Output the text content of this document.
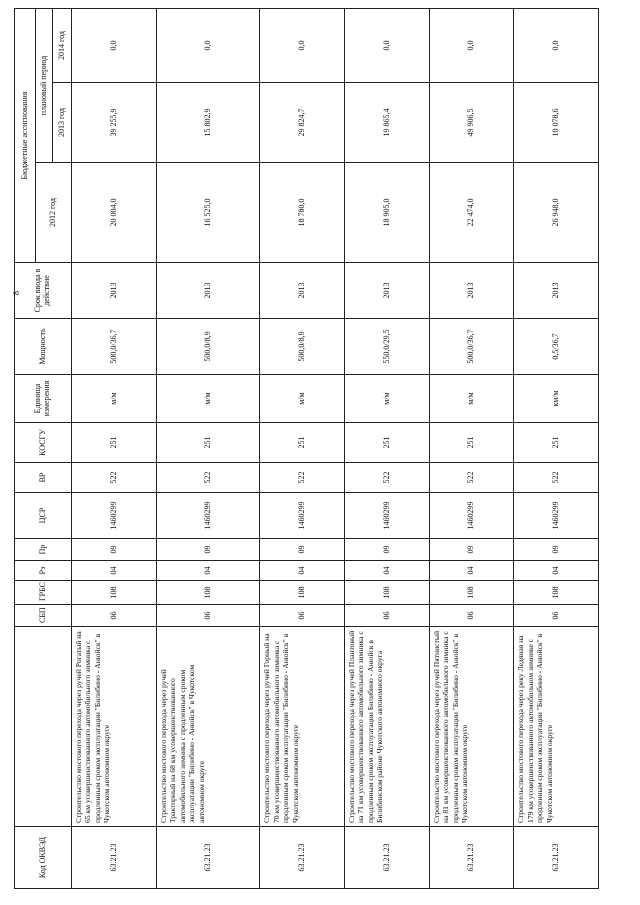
Код ОКВЭД		СБП	ГРБС	Рз	Пр	ЦСР	ВР	КОСГУ	Единица измерения	Мощность	Срок ввода в действие	Бюджетные ассигнования		
												2012 год	плановый период	
													2013 год	2014 год
63.21.23	Строительство мостового перехода через ручей Рогатый на 65 км усовершенствованного автомобильного зимника с продленным сроком эксплуатации "Билибино - Анюйск" в Чукотском автономном округе	06	108	04	09	1460299	522	251	м/м	500,0/36,7	2013	20 004,0	39 255,9	0,0
63.21.23	Строительство мостового перехода через ручей Тракторный на 68 км усовершенствованного автомобильного зимника с продленным сроком эксплуатации "Билибино - Анюйск" в Чукотском автономном округе	06	108	04	09	1460299	522	251	м/м	500,0/8,9	2013	16 525,0	15 802,9	0,0
63.21.23	Строительство мостового перехода через ручей Горный на 70 км усовершенствованного автомобильного зимника с продленным сроком эксплуатации "Билибино - Анюйск" в Чукотском автономном округе	06	108	04	09	1460299	522	251	м/м	500,0/8,9	2013	18 780,0	29 824,7	0,0
63.21.23	Строительство мостового перехода через ручей Плантовый на 71 км усовершенствованного автомобильного зимника с продленным сроком эксплуатации Билибино - Анюйск в Билибинском районе Чукотского автономного округа	06	108	04	09	1460299	522	251	м/м	550,0/29,5	2013	18 905,0	19 865,4	0,0
63.21.23	Строительство мостового перехода через ручей Пятнистый на 81 км усовершенствованного автомобильного зимника с продленным сроком эксплуатации "Билибино - Анюйск" в Чукотском автономном округе	06	108	04	09	1460299	522	251	м/м	500,0/36,7	2013	22 474,0	49 906,5	0,0
63.21.23	Строительство мостового перехода через реку Ледяная на 179 км усовершенствованного автомобильном зимнике с продленным сроком эксплуатации "Билибино - Анюйск" в Чукотском автономном округе	06	108	04	09	1460299	522	251	км/м	0,5/36,7	2013	26 948,0	10 078,6	0,0
8
